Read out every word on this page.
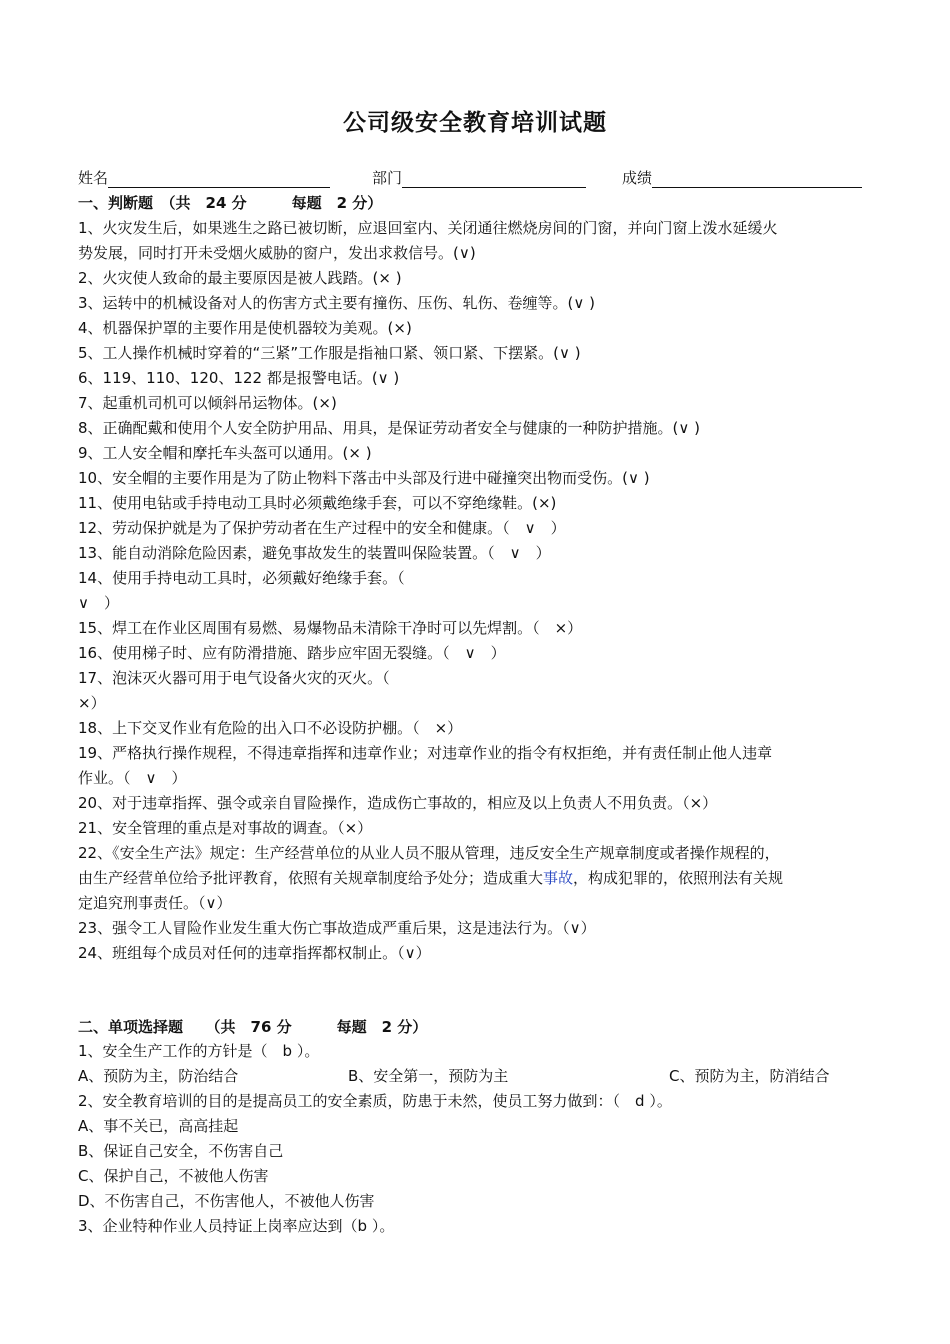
公司级安全教育培训试题
姓名	部门	成绩
一、判断题　（共　24 分　　　每题　2 分）
1、火灾发生后，如果逃生之路已被切断，应退回室内、关闭通往燃烧房间的门窗，并向门窗上泼水延缓火
势发展，同时打开未受烟火威胁的窗户，发出求救信号。(∨)
2、火灾使人致命的最主要原因是被人践踏。(× )
3、运转中的机械设备对人的伤害方式主要有撞伤、压伤、轧伤、卷缠等。(∨ )
4、机器保护罩的主要作用是使机器较为美观。(×)
5、工人操作机械时穿着的“三紧”工作服是指袖口紧、领口紧、下摆紧。(∨ )
6、119、110、120、122 都是报警电话。(∨ )
7、起重机司机可以倾斜吊运物体。(×)
8、正确配戴和使用个人安全防护用品、用具，是保证劳动者安全与健康的一种防护措施。(∨ )
9、工人安全帽和摩托车头盔可以通用。(× )
10、安全帽的主要作用是为了防止物料下落击中头部及行进中碰撞突出物而受伤。(∨ )
11、使用电钻或手持电动工具时必须戴绝缘手套，可以不穿绝缘鞋。(×)
12、劳动保护就是为了保护劳动者在生产过程中的安全和健康。（　∨　）
13、能自动消除危险因素，避免事故发生的装置叫保险装置。（　∨　）
14、使用手持电动工具时，必须戴好绝缘手套。（
∨　）
15、焊工在作业区周围有易燃、易爆物品未清除干净时可以先焊割。（　×）
16、使用梯子时、应有防滑措施、踏步应牢固无裂缝。（　∨　）
17、泡沫灭火器可用于电气设备火灾的灭火。（
×）
18、上下交叉作业有危险的出入口不必设防护棚。（　×）
19、严格执行操作规程，不得违章指挥和违章作业；对违章作业的指令有权拒绝，并有责任制止他人违章
作业。（　∨　）
20、对于违章指挥、强令或亲自冒险操作，造成伤亡事故的，相应及以上负责人不用负责。（×）
21、安全管理的重点是对事故的调查。（×）
22、《安全生产法》规定：生产经营单位的从业人员不服从管理，违反安全生产规章制度或者操作规程的，
由生产经营单位给予批评教育，依照有关规章制度给予处分；造成重大事故，构成犯罪的，依照刑法有关规
定追究刑事责任。（∨）
23、强令工人冒险作业发生重大伤亡事故造成严重后果，这是违法行为。（∨）
24、班组每个成员对任何的违章指挥都权制止。（∨）
二、单项选择题　　（共　76 分　　　每题　2 分）
1、安全生产工作的方针是（　b ）。
A、预防为主，防治结合	B、安全第一，预防为主	C、预防为主，防消结合
2、安全教育培训的目的是提高员工的安全素质，防患于未然，使员工努力做到：（　d ）。
A、事不关已，高高挂起
B、保证自己安全，不伤害自己
C、保护自己，不被他人伤害
D、不伤害自己，不伤害他人，不被他人伤害
3、企业特种作业人员持证上岗率应达到（b ）。
